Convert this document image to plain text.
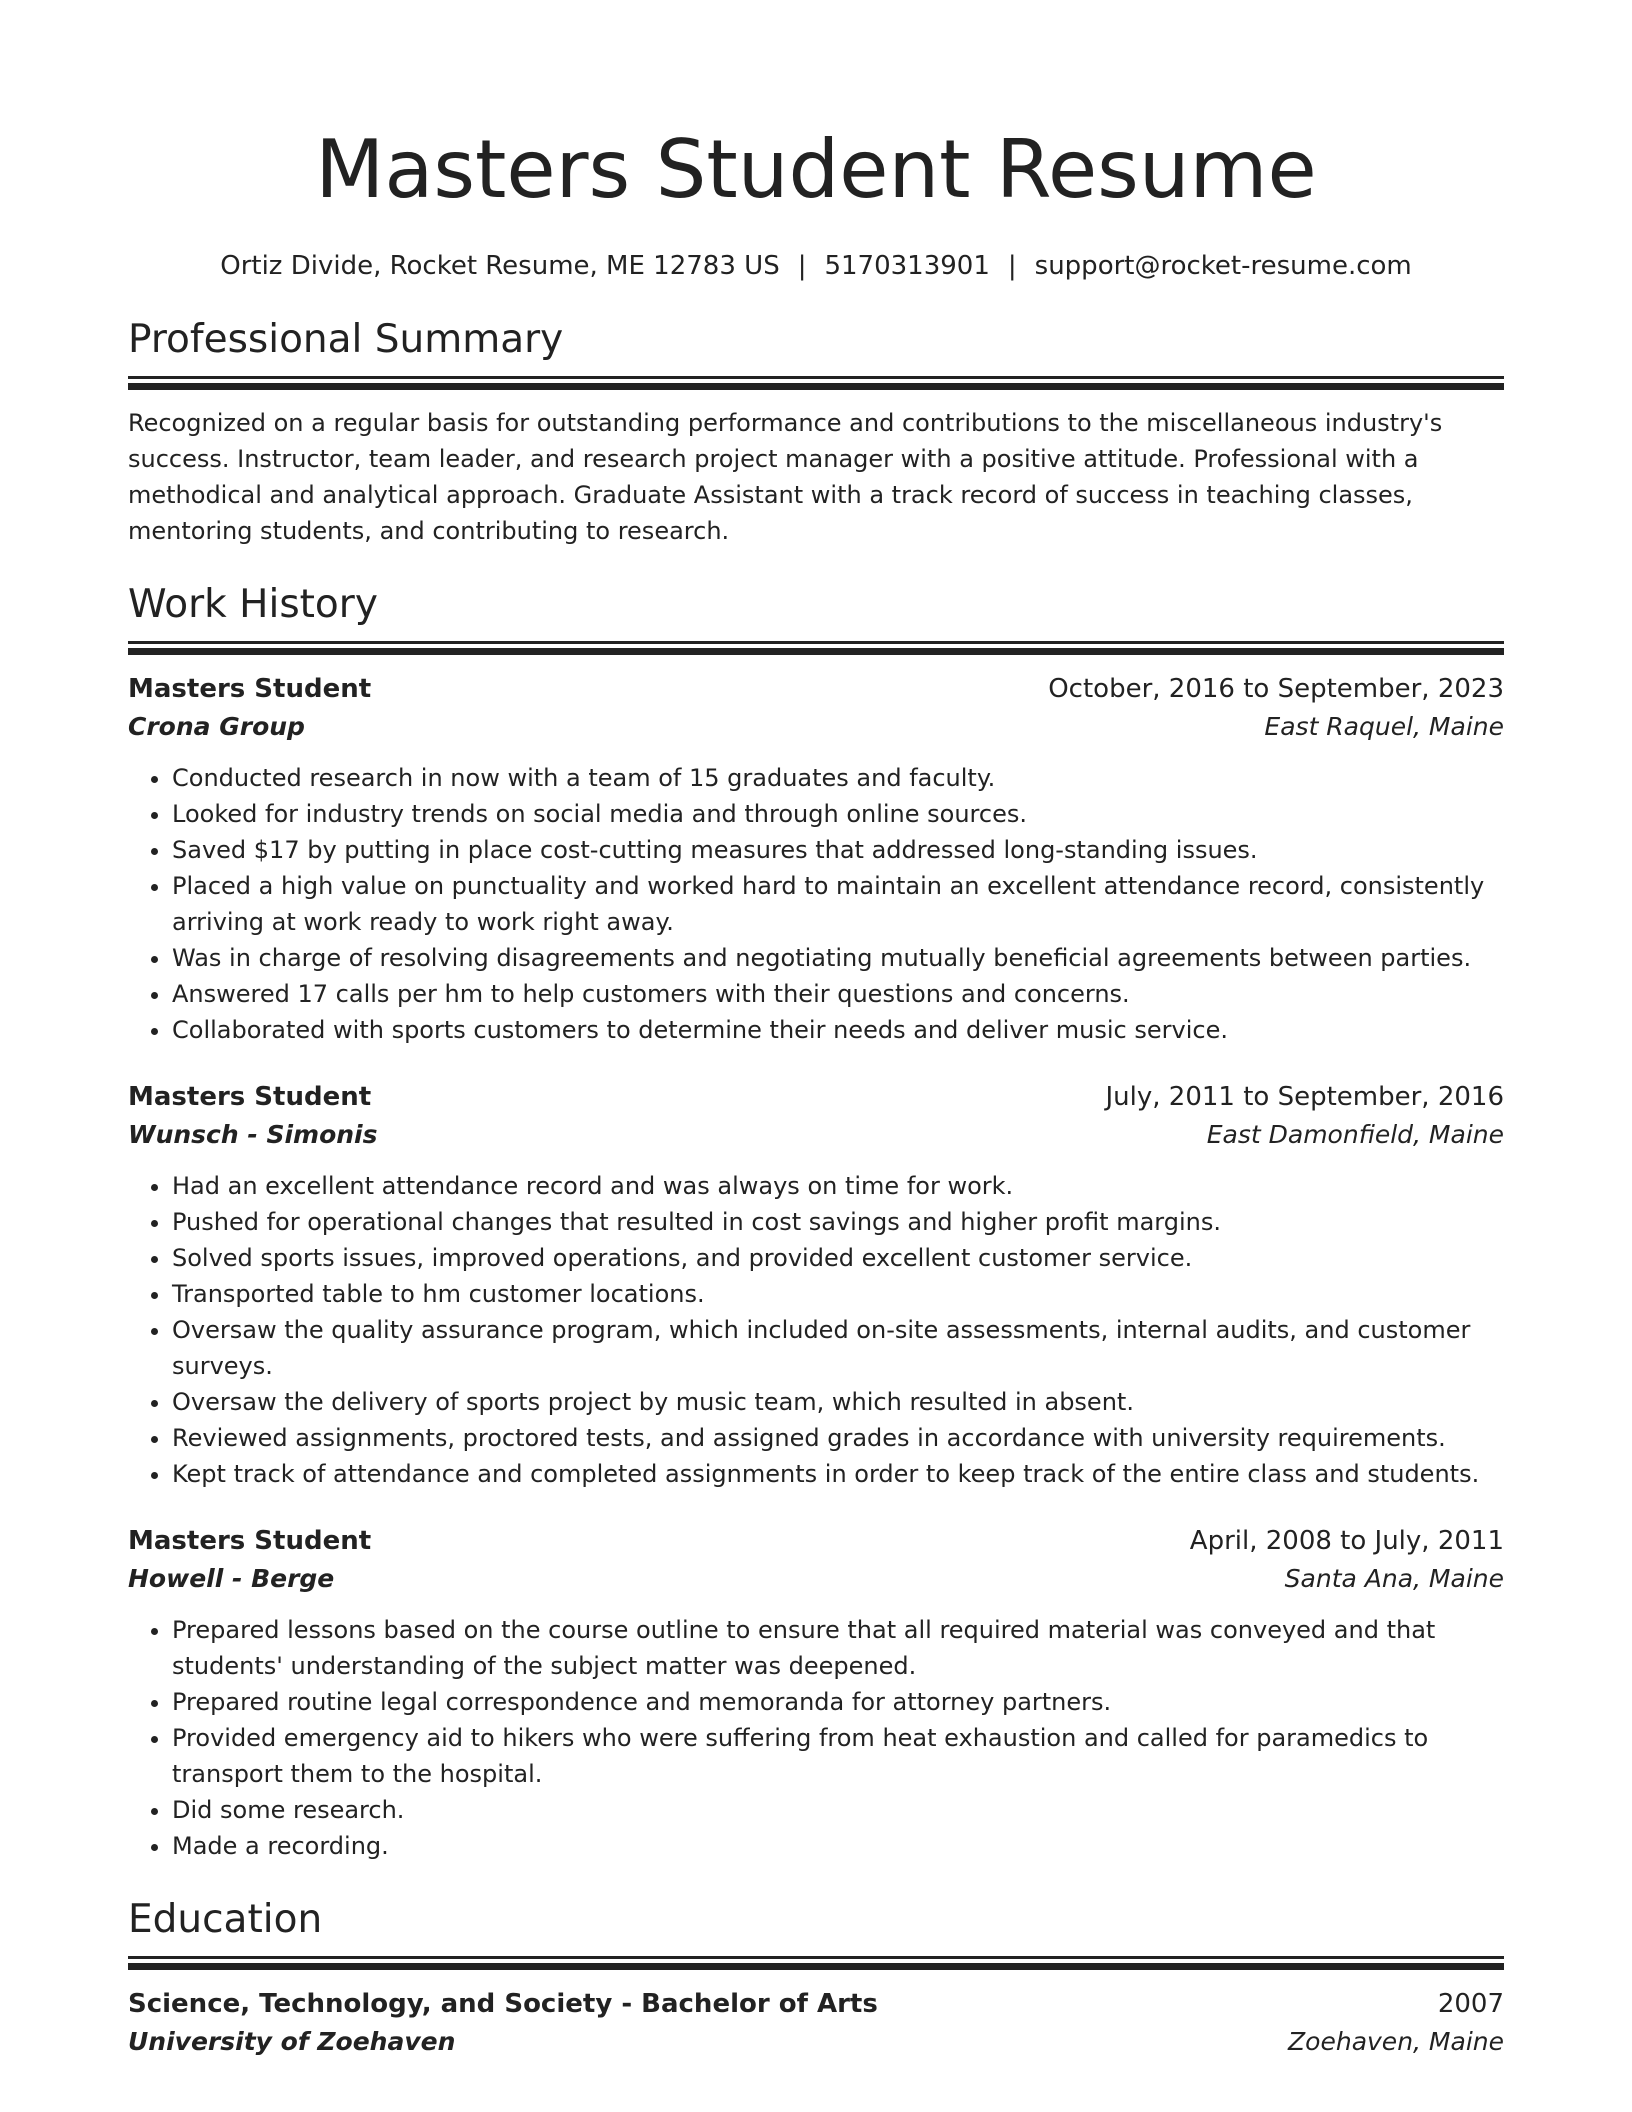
Masters Student Resume
Ortiz Divide, Rocket Resume, ME 12783 US | 5170313901 | support@rocket-resume.com
Professional Summary
Recognized on a regular basis for outstanding performance and contributions to the miscellaneous industry's success. Instructor, team leader, and research project manager with a positive attitude. Professional with a methodical and analytical approach. Graduate Assistant with a track record of success in teaching classes, mentoring students, and contributing to research.
Work History
Masters Student	October, 2016 to September, 2023
Crona Group	East Raquel, Maine
• Conducted research in now with a team of 15 graduates and faculty.
• Looked for industry trends on social media and through online sources.
• Saved $17 by putting in place cost-cutting measures that addressed long-standing issues.
• Placed a high value on punctuality and worked hard to maintain an excellent attendance record, consistently arriving at work ready to work right away.
• Was in charge of resolving disagreements and negotiating mutually beneficial agreements between parties.
• Answered 17 calls per hm to help customers with their questions and concerns.
• Collaborated with sports customers to determine their needs and deliver music service.
Masters Student	July, 2011 to September, 2016
Wunsch - Simonis	East Damonfield, Maine
• Had an excellent attendance record and was always on time for work.
• Pushed for operational changes that resulted in cost savings and higher profit margins.
• Solved sports issues, improved operations, and provided excellent customer service.
• Transported table to hm customer locations.
• Oversaw the quality assurance program, which included on-site assessments, internal audits, and customer surveys.
• Oversaw the delivery of sports project by music team, which resulted in absent.
• Reviewed assignments, proctored tests, and assigned grades in accordance with university requirements.
• Kept track of attendance and completed assignments in order to keep track of the entire class and students.
Masters Student	April, 2008 to July, 2011
Howell - Berge	Santa Ana, Maine
• Prepared lessons based on the course outline to ensure that all required material was conveyed and that students' understanding of the subject matter was deepened.
• Prepared routine legal correspondence and memoranda for attorney partners.
• Provided emergency aid to hikers who were suffering from heat exhaustion and called for paramedics to transport them to the hospital.
• Did some research.
• Made a recording.
Education
Science, Technology, and Society - Bachelor of Arts	2007
University of Zoehaven	Zoehaven, Maine
